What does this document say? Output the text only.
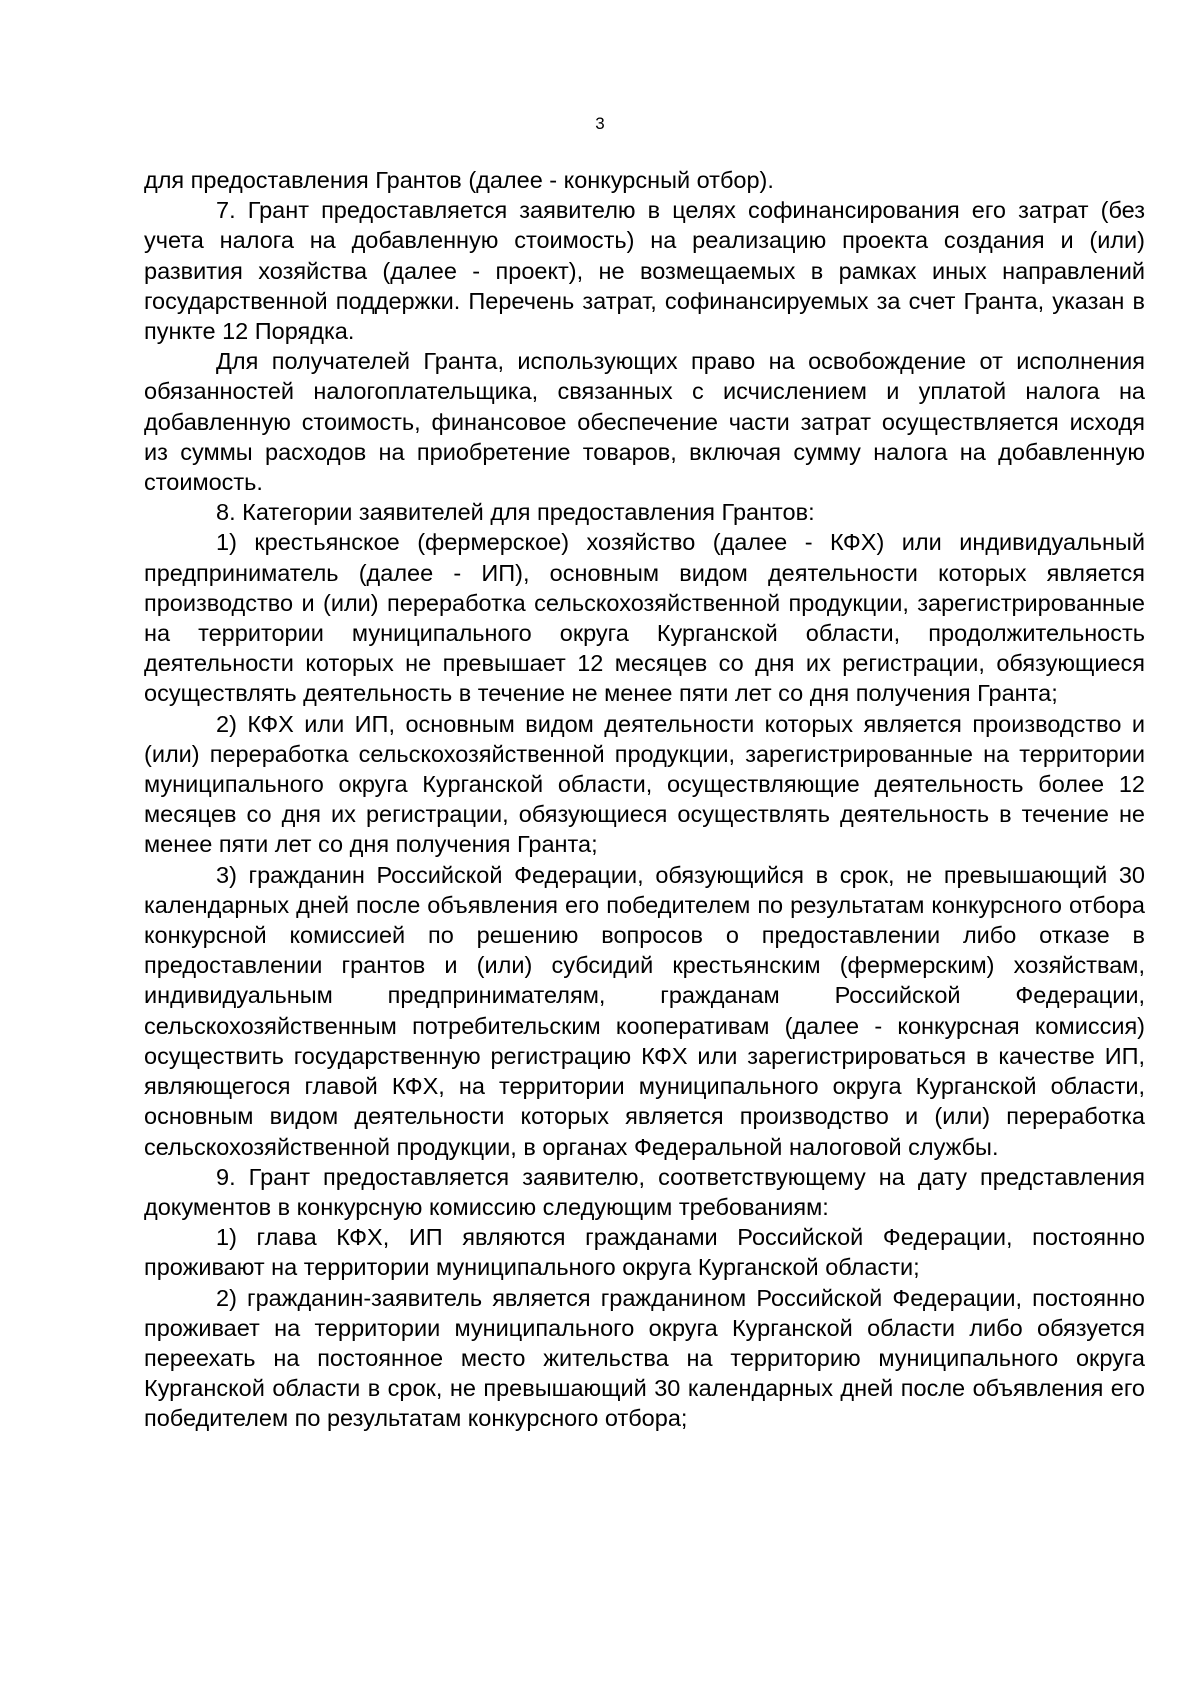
3

для предоставления Грантов (далее - конкурсный отбор).

7. Грант предоставляется заявителю в целях софинансирования его затрат (без учета налога на добавленную стоимость) на реализацию проекта создания и (или) развития хозяйства (далее - проект), не возмещаемых в рамках иных направлений государственной поддержки. Перечень затрат, софинансируемых за счет Гранта, указан в пункте 12 Порядка.

Для получателей Гранта, использующих право на освобождение от исполнения обязанностей налогоплательщика, связанных с исчислением и уплатой налога на добавленную стоимость, финансовое обеспечение части затрат осуществляется исходя из суммы расходов на приобретение товаров, включая сумму налога на добавленную стоимость.

8. Категории заявителей для предоставления Грантов:

1) крестьянское (фермерское) хозяйство (далее - КФХ) или индивидуальный предприниматель (далее - ИП), основным видом деятельности которых является производство и (или) переработка сельскохозяйственной продукции, зарегистрированные на территории муниципального округа Курганской области, продолжительность деятельности которых не превышает 12 месяцев со дня их регистрации, обязующиеся осуществлять деятельность в течение не менее пяти лет со дня получения Гранта;

2) КФХ или ИП, основным видом деятельности которых является производство и (или) переработка сельскохозяйственной продукции, зарегистрированные на территории муниципального округа Курганской области, осуществляющие деятельность более 12 месяцев со дня их регистрации, обязующиеся осуществлять деятельность в течение не менее пяти лет со дня получения Гранта;

3) гражданин Российской Федерации, обязующийся в срок, не превышающий 30 календарных дней после объявления его победителем по результатам конкурсного отбора конкурсной комиссией по решению вопросов о предоставлении либо отказе в предоставлении грантов и (или) субсидий крестьянским (фермерским) хозяйствам, индивидуальным предпринимателям, гражданам Российской Федерации, сельскохозяйственным потребительским кооперативам (далее - конкурсная комиссия) осуществить государственную регистрацию КФХ или зарегистрироваться в качестве ИП, являющегося главой КФХ, на территории муниципального округа Курганской области, основным видом деятельности которых является производство и (или) переработка сельскохозяйственной продукции, в органах Федеральной налоговой службы.

9. Грант предоставляется заявителю, соответствующему на дату представления документов в конкурсную комиссию следующим требованиям:

1) глава КФХ, ИП являются гражданами Российской Федерации, постоянно проживают на территории муниципального округа Курганской области;

2) гражданин-заявитель является гражданином Российской Федерации, постоянно проживает на территории муниципального округа Курганской области либо обязуется переехать на постоянное место жительства на территорию муниципального округа Курганской области в срок, не превышающий 30 календарных дней после объявления его победителем по результатам конкурсного отбора;
